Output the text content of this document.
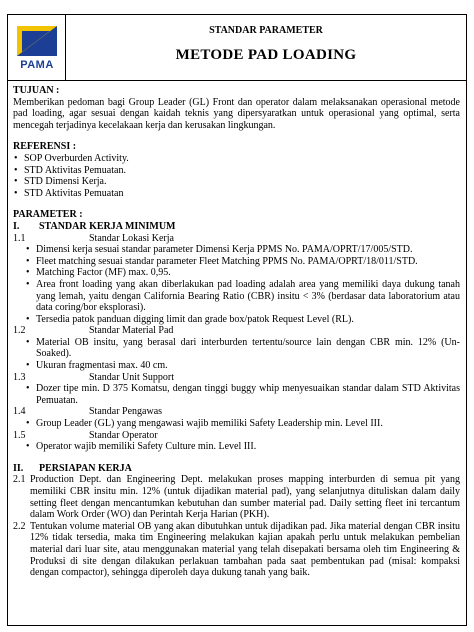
PAMA
STANDAR PARAMETER
METODE PAD LOADING
TUJUAN :
Memberikan pedoman bagi Group Leader (GL) Front dan operator dalam melaksanakan operasional metode pad loading, agar sesuai dengan kaidah teknis yang dipersyaratkan untuk operasional yang optimal, serta mencegah terjadinya kecelakaan kerja dan kerusakan lingkungan.
REFERENSI :
• SOP Overburden Activity.
• STD Aktivitas Pemuatan.
• STD Dimensi Kerja.
• STD Aktivitas Pemuatan
PARAMETER :
I.	STANDAR KERJA MINIMUM
1.1	Standar Lokasi Kerja
• Dimensi kerja sesuai standar parameter Dimensi Kerja PPMS No. PAMA/OPRT/17/005/STD.
• Fleet matching sesuai standar parameter Fleet Matching PPMS No. PAMA/OPRT/18/011/STD.
• Matching Factor (MF) max. 0,95.
• Area front loading yang akan diberlakukan pad loading adalah area yang memiliki daya dukung tanah yang lemah, yaitu dengan California Bearing Ratio (CBR) insitu < 3% (berdasar data laboratorium atau data coring/bor eksplorasi).
• Tersedia patok panduan digging limit dan grade box/patok Request Level (RL).
1.2	Standar Material Pad
• Material OB insitu, yang berasal dari interburden tertentu/source lain dengan CBR min. 12% (Un-Soaked).
• Ukuran fragmentasi max. 40 cm.
1.3	Standar Unit Support
• Dozer tipe min. D 375 Komatsu, dengan tinggi buggy whip menyesuaikan standar dalam STD Aktivitas Pemuatan.
1.4	Standar Pengawas
• Group Leader (GL) yang mengawasi wajib memiliki Safety Leadership min. Level III.
1.5	Standar Operator
• Operator wajib memiliki Safety Culture min. Level III.
II.	PERSIAPAN KERJA
2.1 Production Dept. dan Engineering Dept. melakukan proses mapping interburden di semua pit yang memiliki CBR insitu min. 12% (untuk dijadikan material pad), yang selanjutnya dituliskan dalam daily setting fleet dengan mencantumkan kebutuhan dan sumber material pad. Daily setting fleet ini tercantum dalam Work Order (WO) dan Perintah Kerja Harian (PKH).
2.2 Tentukan volume material OB yang akan dibutuhkan untuk dijadikan pad. Jika material dengan CBR insitu 12% tidak tersedia, maka tim Engineering melakukan kajian apakah perlu untuk melakukan pembelian material dari luar site, atau menggunakan material yang telah disepakati bersama oleh tim Engineering & Produksi di site dengan dilakukan perlakuan tambahan pada saat pembentukan pad (misal: kompaksi dengan compactor), sehingga diperoleh daya dukung tanah yang baik.
